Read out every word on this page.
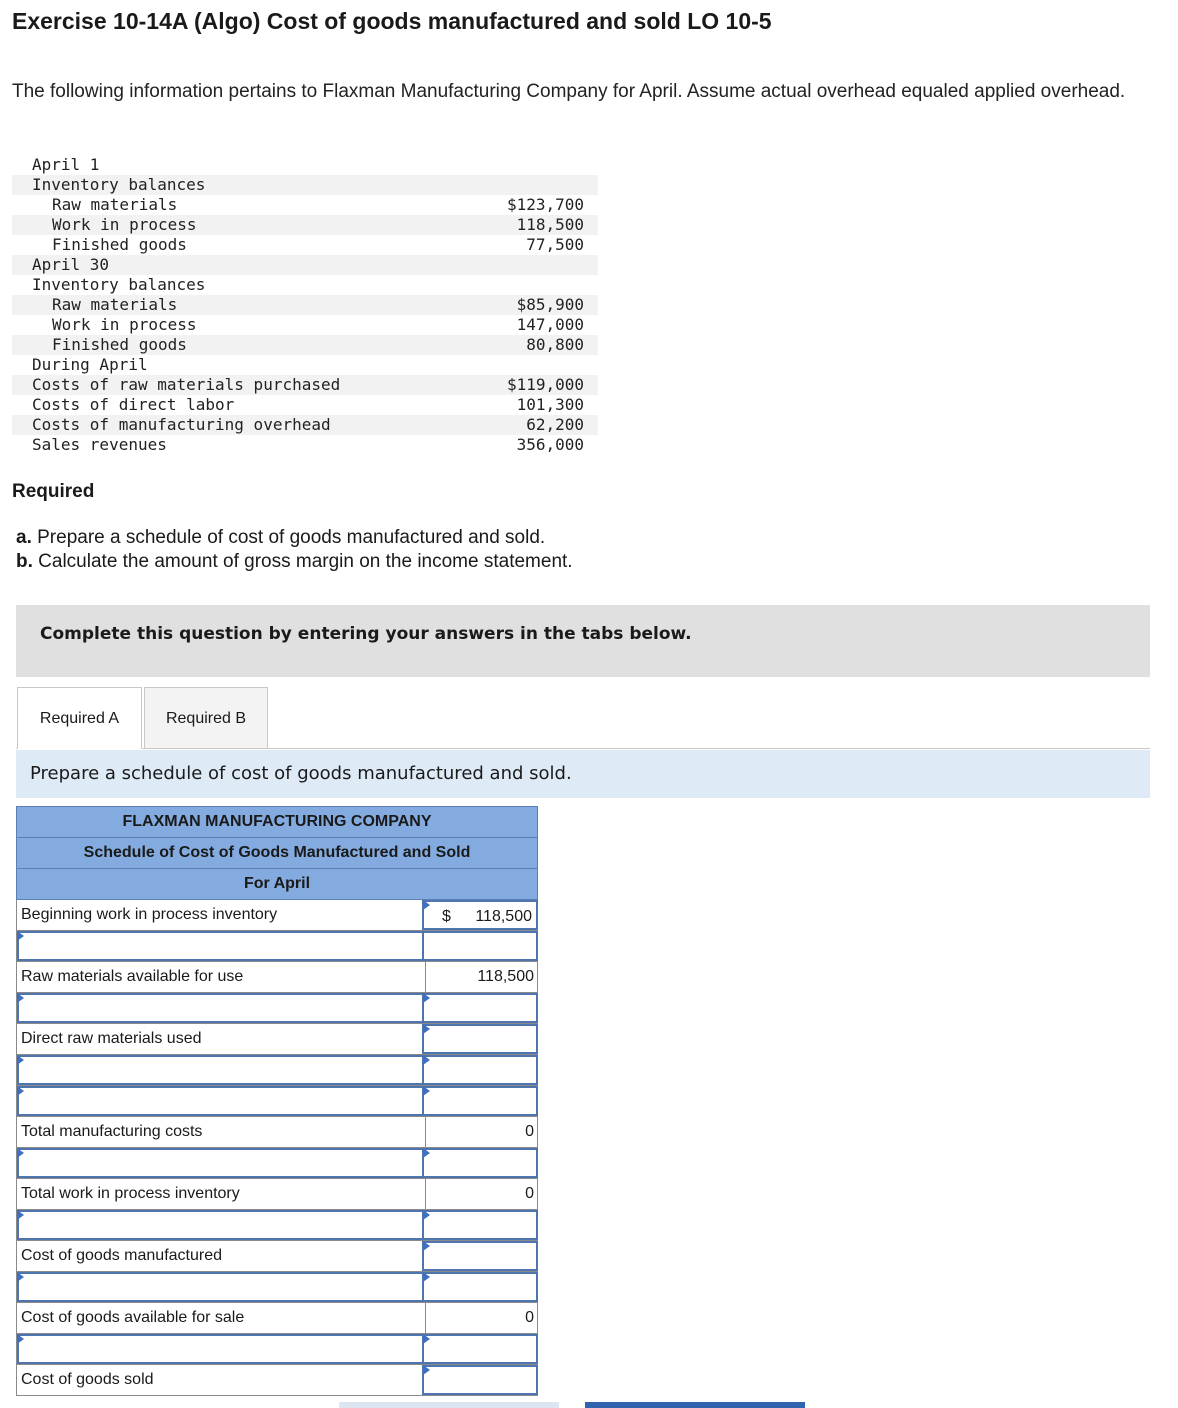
Exercise 10-14A (Algo) Cost of goods manufactured and sold LO 10-5
The following information pertains to Flaxman Manufacturing Company for April. Assume actual overhead equaled applied overhead.
April 1
Inventory balances
Raw materials	$123,700
Work in process	118,500
Finished goods	77,500
April 30
Inventory balances
Raw materials	$85,900
Work in process	147,000
Finished goods	80,800
During April
Costs of raw materials purchased	$119,000
Costs of direct labor	101,300
Costs of manufacturing overhead	62,200
Sales revenues	356,000
Required
a. Prepare a schedule of cost of goods manufactured and sold.
b. Calculate the amount of gross margin on the income statement.
Complete this question by entering your answers in the tabs below.
Required A	Required B
Prepare a schedule of cost of goods manufactured and sold.
FLAXMAN MANUFACTURING COMPANY
Schedule of Cost of Goods Manufactured and Sold
For April
Beginning work in process inventory	$ 118,500
Raw materials available for use	118,500
Direct raw materials used
Total manufacturing costs	0
Total work in process inventory	0
Cost of goods manufactured
Cost of goods available for sale	0
Cost of goods sold
